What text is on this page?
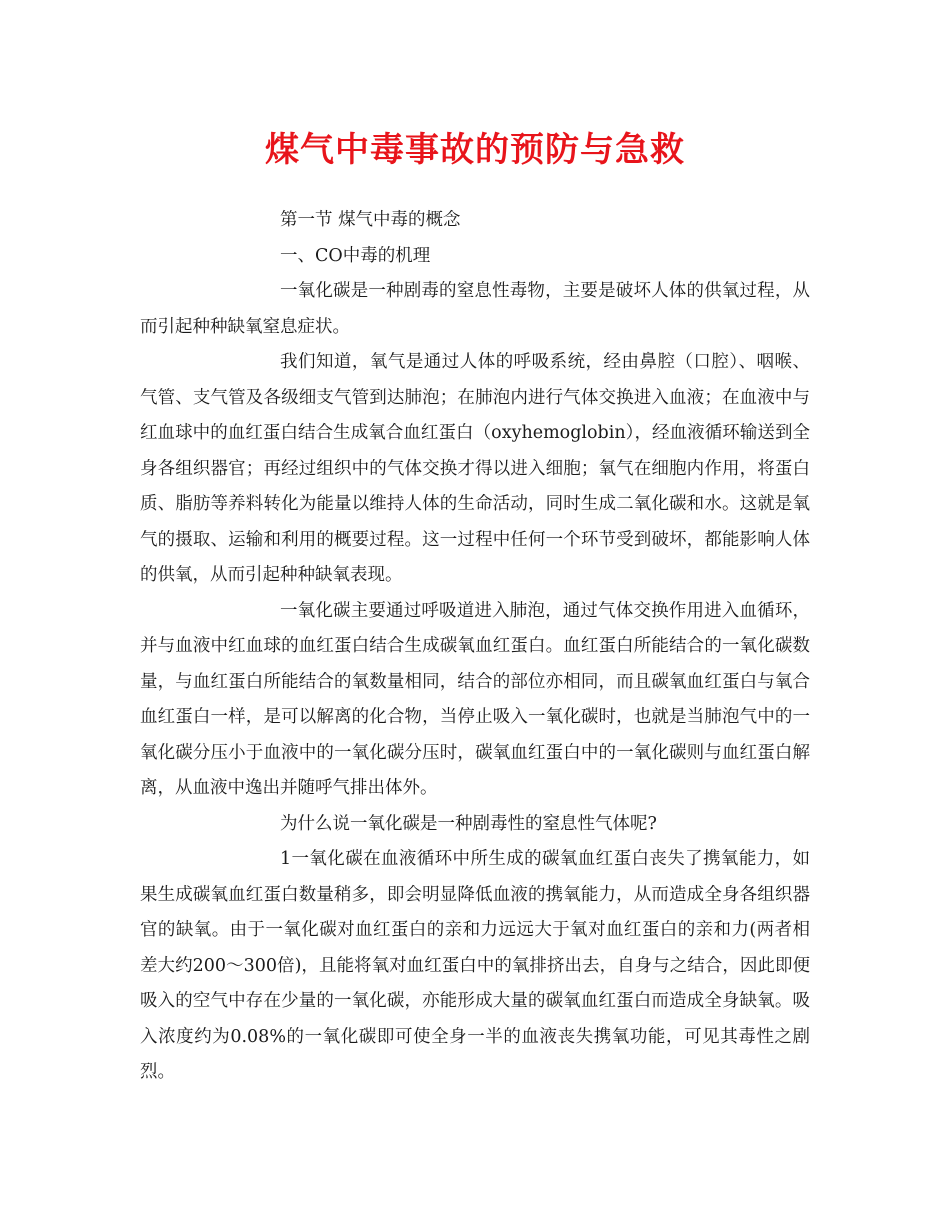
煤气中毒事故的预防与急救

第一节 煤气中毒的概念

一、CO中毒的机理

一氧化碳是一种剧毒的窒息性毒物，主要是破坏人体的供氧过程，从而引起种种缺氧窒息症状。

我们知道，氧气是通过人体的呼吸系统，经由鼻腔（口腔）、咽喉、气管、支气管及各级细支气管到达肺泡；在肺泡内进行气体交换进入血液；在血液中与红血球中的血红蛋白结合生成氧合血红蛋白（oxyhemoglobin），经血液循环输送到全身各组织器官；再经过组织中的气体交换才得以进入细胞；氧气在细胞内作用，将蛋白质、脂肪等养料转化为能量以维持人体的生命活动，同时生成二氧化碳和水。这就是氧气的摄取、运输和利用的概要过程。这一过程中任何一个环节受到破坏，都能影响人体的供氧，从而引起种种缺氧表现。

一氧化碳主要通过呼吸道进入肺泡，通过气体交换作用进入血循环，并与血液中红血球的血红蛋白结合生成碳氧血红蛋白。血红蛋白所能结合的一氧化碳数量，与血红蛋白所能结合的氧数量相同，结合的部位亦相同，而且碳氧血红蛋白与氧合血红蛋白一样，是可以解离的化合物，当停止吸入一氧化碳时，也就是当肺泡气中的一氧化碳分压小于血液中的一氧化碳分压时，碳氧血红蛋白中的一氧化碳则与血红蛋白解离，从血液中逸出并随呼气排出体外。

为什么说一氧化碳是一种剧毒性的窒息性气体呢?

1一氧化碳在血液循环中所生成的碳氧血红蛋白丧失了携氧能力，如果生成碳氧血红蛋白数量稍多，即会明显降低血液的携氧能力，从而造成全身各组织器官的缺氧。由于一氧化碳对血红蛋白的亲和力远远大于氧对血红蛋白的亲和力(两者相差大约200～300倍)，且能将氧对血红蛋白中的氧排挤出去，自身与之结合，因此即便吸入的空气中存在少量的一氧化碳，亦能形成大量的碳氧血红蛋白而造成全身缺氧。吸入浓度约为0.08%的一氧化碳即可使全身一半的血液丧失携氧功能，可见其毒性之剧烈。
